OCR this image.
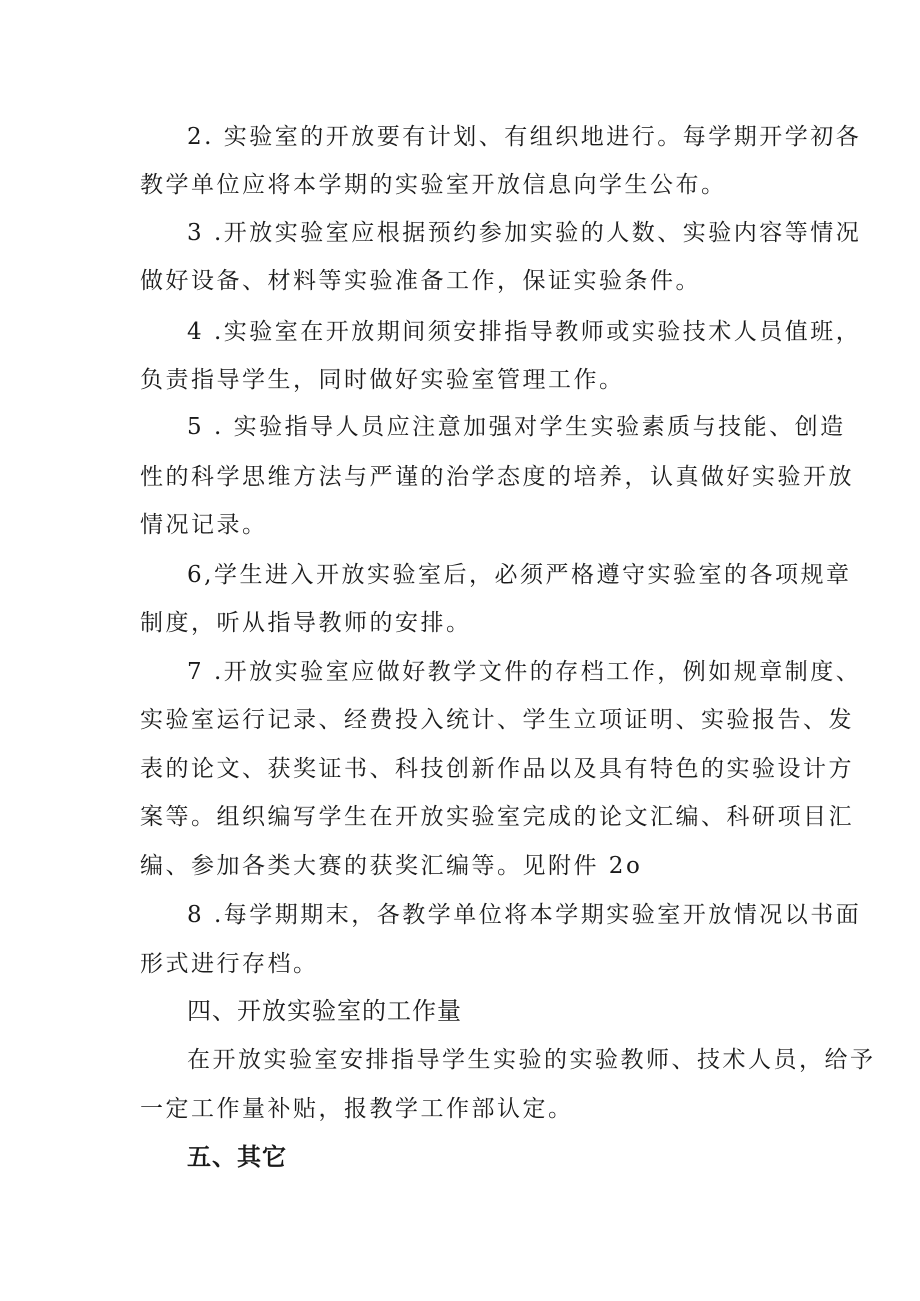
2. 实验室的开放要有计划、有组织地进行。每学期开学初各
教学单位应将本学期的实验室开放信息向学生公布。
3 .开放实验室应根据预约参加实验的人数、实验内容等情况
做好设备、材料等实验准备工作，保证实验条件。
4 .实验室在开放期间须安排指导教师或实验技术人员值班，
负责指导学生，同时做好实验室管理工作。
5 . 实验指导人员应注意加强对学生实验素质与技能、创造
性的科学思维方法与严谨的治学态度的培养，认真做好实验开放
情况记录。
6,学生进入开放实验室后，必须严格遵守实验室的各项规章
制度，听从指导教师的安排。
7 .开放实验室应做好教学文件的存档工作，例如规章制度、
实验室运行记录、经费投入统计、学生立项证明、实验报告、发
表的论文、获奖证书、科技创新作品以及具有特色的实验设计方
案等。组织编写学生在开放实验室完成的论文汇编、科研项目汇
编、参加各类大赛的获奖汇编等。见附件 2o
8 .每学期期末，各教学单位将本学期实验室开放情况以书面
形式进行存档。
四、开放实验室的工作量
在开放实验室安排指导学生实验的实验教师、技术人员，给予
一定工作量补贴，报教学工作部认定。
五、其它
